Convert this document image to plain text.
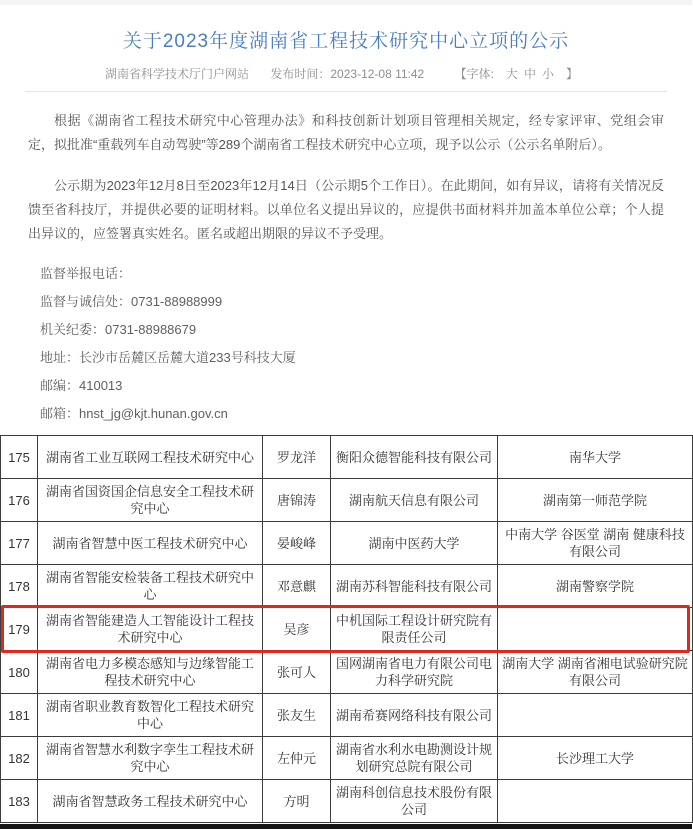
关于2023年度湖南省工程技术研究中心立项的公示
湖南省科学技术厅门户网站 发布时间：2023-12-08 11:42	【字体: 大 中 小 】

根据《湖南省工程技术研究中心管理办法》和科技创新计划项目管理相关规定，经专家评审、党组会审定，拟批准“重载列车自动驾驶”等289个湖南省工程技术研究中心立项，现予以公示（公示名单附后）。

公示期为2023年12月8日至2023年12月14日（公示期5个工作日）。在此期间，如有异议，请将有关情况反馈至省科技厅，并提供必要的证明材料。以单位名义提出异议的，应提供书面材料并加盖本单位公章；个人提出异议的，应签署真实姓名。匿名或超出期限的异议不予受理。

监督举报电话：

监督与诚信处：0731-88988999

机关纪委：0731-88988679

地址：长沙市岳麓区岳麓大道233号科技大厦

邮编：410013

邮箱：hnst_jg@kjt.hunan.gov.cn

175	湖南省工业互联网工程技术研究中心	罗龙洋	衡阳众德智能科技有限公司	南华大学
176	湖南省国资国企信息安全工程技术研究中心	唐锦涛	湖南航天信息有限公司	湖南第一师范学院
177	湖南省智慧中医工程技术研究中心	晏峻峰	湖南中医药大学	中南大学 谷医堂 湖南 健康科技有限公司
178	湖南省智能安检装备工程技术研究中心	邓意麒	湖南苏科智能科技有限公司	湖南警察学院
179	湖南省智能建造人工智能设计工程技术研究中心	吴彦	中机国际工程设计研究院有限责任公司	
180	湖南省电力多模态感知与边缘智能工程技术研究中心	张可人	国网湖南省电力有限公司电力科学研究院	湖南大学 湖南省湘电试验研究院有限公司
181	湖南省职业教育数智化工程技术研究中心	张友生	湖南希赛网络科技有限公司	
182	湖南省智慧水利数字孪生工程技术研究中心	左仲元	湖南省水利水电勘测设计规划研究总院有限公司	长沙理工大学
183	湖南省智慧政务工程技术研究中心	方明	湖南科创信息技术股份有限公司	
